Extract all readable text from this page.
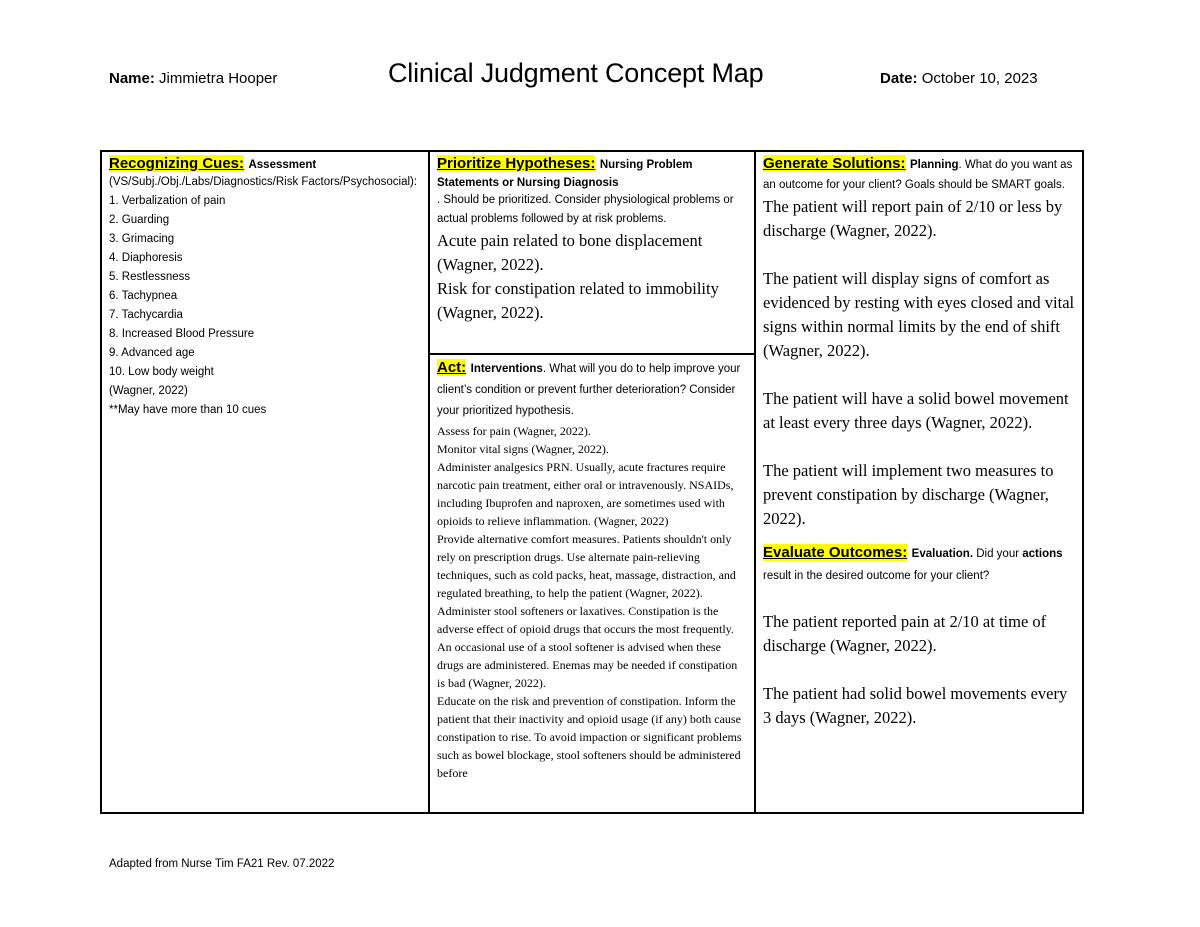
Name: Jimmietra Hooper	Clinical Judgment Concept Map	Date: October 10, 2023
Recognizing Cues: Assessment
(VS/Subj./Obj./Labs/Diagnostics/Risk Factors/Psychosocial):
1. Verbalization of pain
2. Guarding
3. Grimacing
4. Diaphoresis
5. Restlessness
6. Tachypnea
7. Tachycardia
8. Increased Blood Pressure
9. Advanced age
10. Low body weight
(Wagner, 2022)
**May have more than 10 cues
Prioritize Hypotheses: Nursing Problem Statements or Nursing Diagnosis
. Should be prioritized. Consider physiological problems or actual problems followed by at risk problems.
Acute pain related to bone displacement (Wagner, 2022).
Risk for constipation related to immobility (Wagner, 2022).
Act: Interventions. What will you do to help improve your client’s condition or prevent further deterioration? Consider your prioritized hypothesis.
Assess for pain (Wagner, 2022).
Monitor vital signs (Wagner, 2022).
Administer analgesics PRN. Usually, acute fractures require narcotic pain treatment, either oral or intravenously. NSAIDs, including Ibuprofen and naproxen, are sometimes used with opioids to relieve inflammation. (Wagner, 2022)
Provide alternative comfort measures. Patients shouldn't only rely on prescription drugs. Use alternate pain-relieving techniques, such as cold packs, heat, massage, distraction, and regulated breathing, to help the patient (Wagner, 2022).
Administer stool softeners or laxatives. Constipation is the adverse effect of opioid drugs that occurs the most frequently. An occasional use of a stool softener is advised when these drugs are administered. Enemas may be needed if constipation is bad (Wagner, 2022).
Educate on the risk and prevention of constipation. Inform the patient that their inactivity and opioid usage (if any) both cause constipation to rise. To avoid impaction or significant problems such as bowel blockage, stool softeners should be administered before
Generate Solutions: Planning. What do you want as an outcome for your client? Goals should be SMART goals.
The patient will report pain of 2/10 or less by discharge (Wagner, 2022).
The patient will display signs of comfort as evidenced by resting with eyes closed and vital signs within normal limits by the end of shift (Wagner, 2022).
The patient will have a solid bowel movement at least every three days (Wagner, 2022).
The patient will implement two measures to prevent constipation by discharge (Wagner, 2022).
Evaluate Outcomes: Evaluation. Did your actions result in the desired outcome for your client?
The patient reported pain at 2/10 at time of discharge (Wagner, 2022).
The patient had solid bowel movements every 3 days (Wagner, 2022).
Adapted from Nurse Tim FA21 Rev. 07.2022
